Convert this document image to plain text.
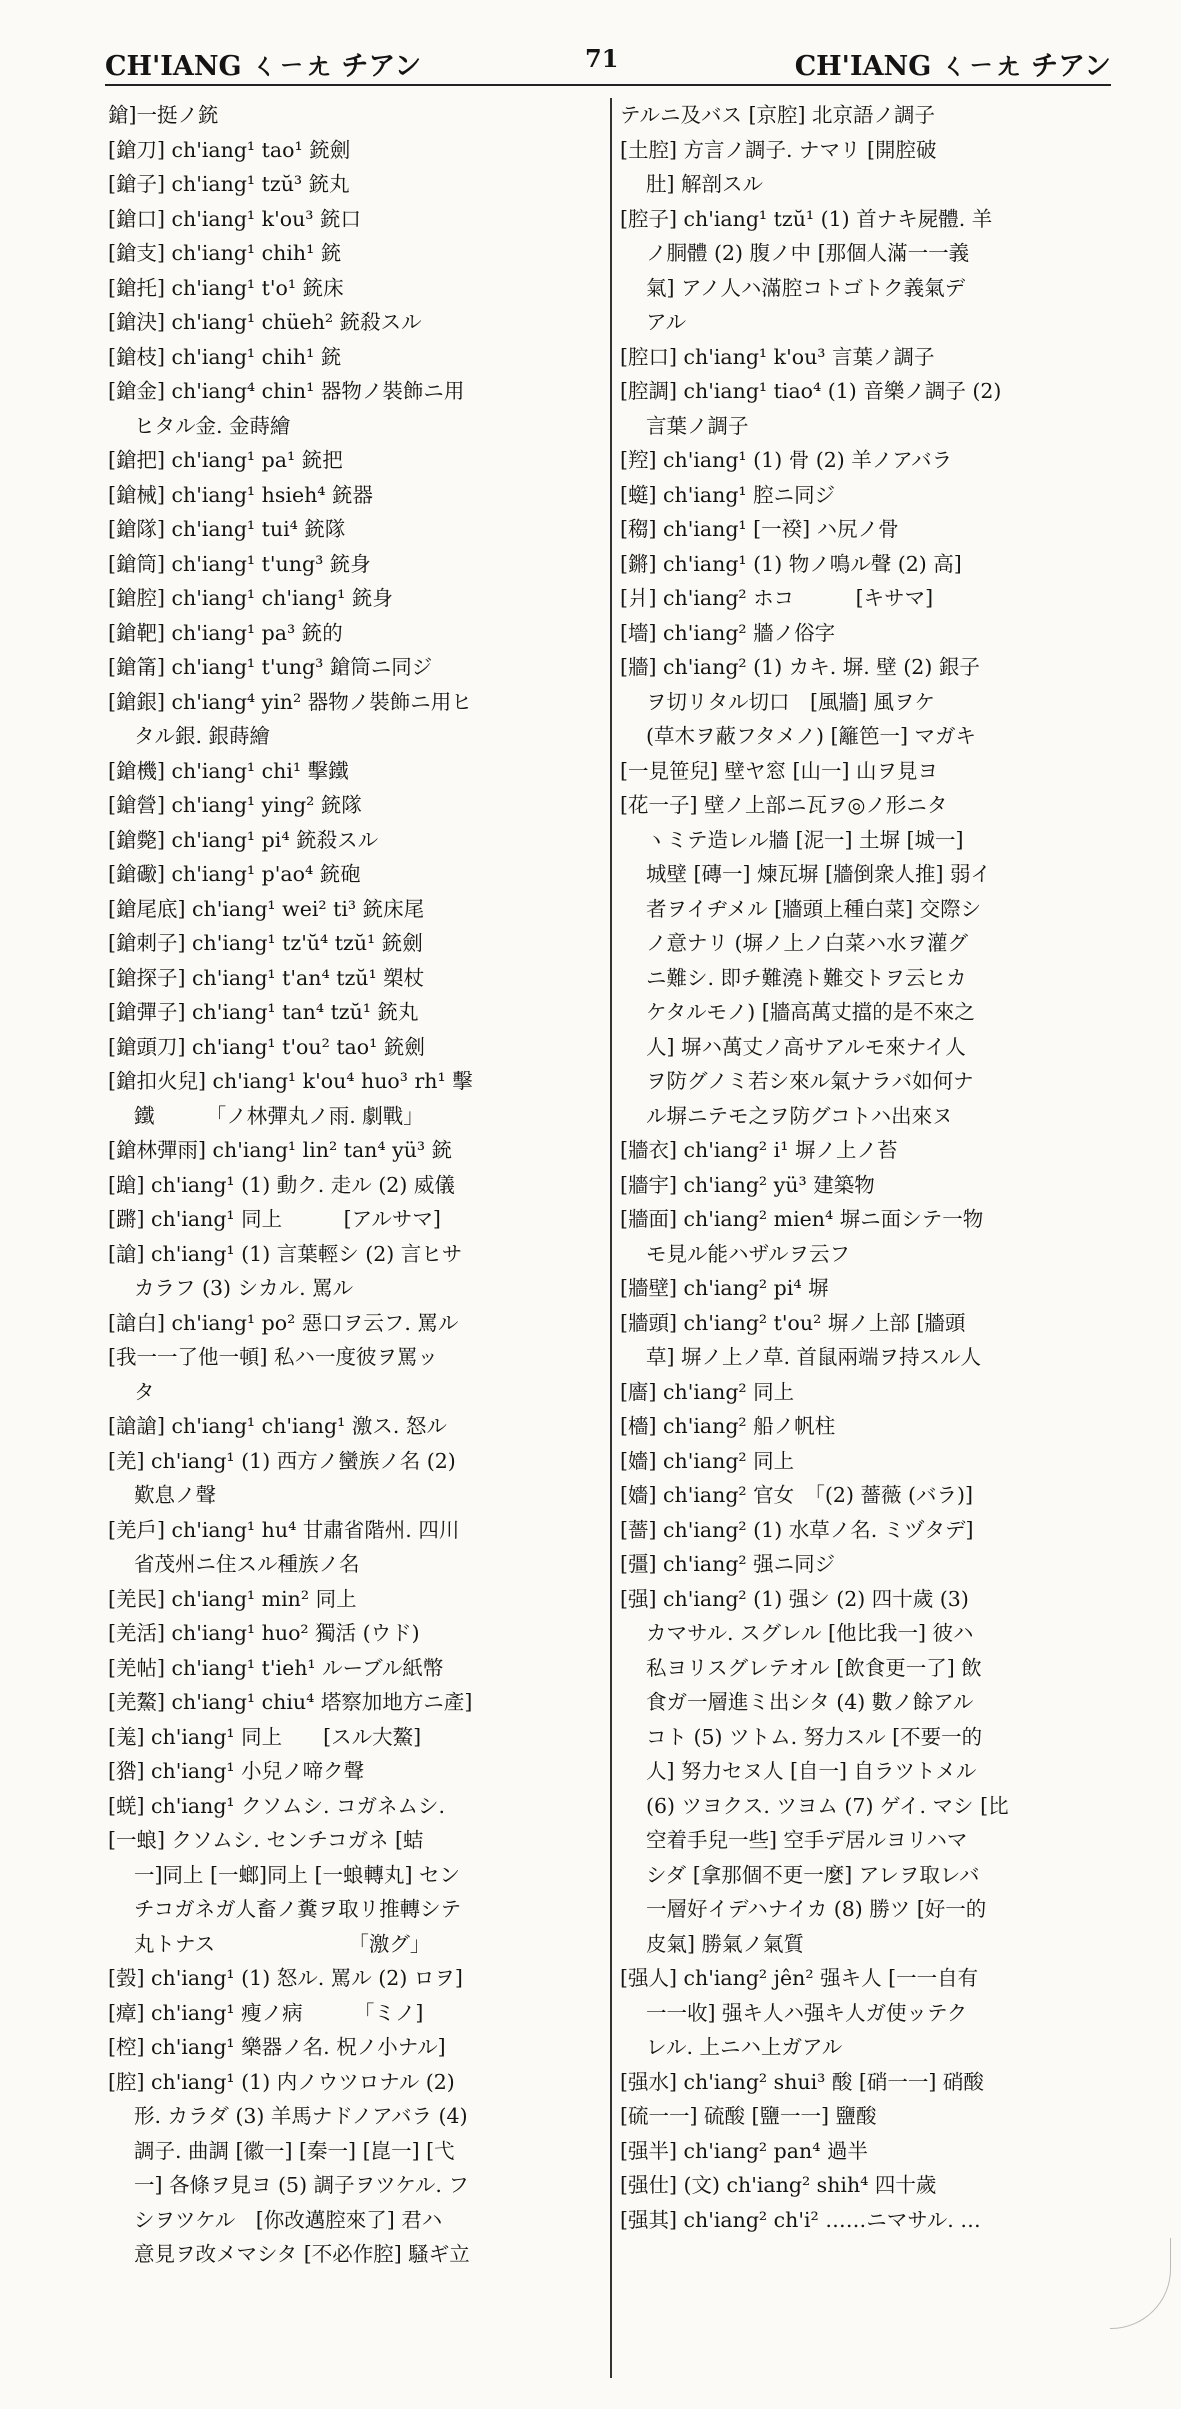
CH'IANG ㄑㄧㄤ チアン	71	CH'IANG ㄑㄧㄤ チアン
鎗]一挺ノ銃
[鎗刀] ch'iang¹ tao¹ 銃劍
[鎗子] ch'iang¹ tzŭ³ 銃丸
[鎗口] ch'iang¹ k'ou³ 銃口
[鎗支] ch'iang¹ chih¹ 銃
[鎗托] ch'iang¹ t'o¹ 銃床
[鎗決] ch'iang¹ chüeh² 銃殺スル
[鎗枝] ch'iang¹ chih¹ 銃
[鎗金] ch'iang⁴ chin¹ 器物ノ裝飾ニ用
ヒタル金. 金蒔繪
[鎗把] ch'iang¹ pa¹ 銃把
[鎗械] ch'iang¹ hsieh⁴ 銃器
[鎗隊] ch'iang¹ tui⁴ 銃隊
[鎗筒] ch'iang¹ t'ung³ 銃身
[鎗腔] ch'iang¹ ch'iang¹ 銃身
[鎗靶] ch'iang¹ pa³ 銃的
[鎗筩] ch'iang¹ t'ung³ 鎗筒ニ同ジ
[鎗銀] ch'iang⁴ yin² 器物ノ裝飾ニ用ヒ
タル銀. 銀蒔繪
[鎗機] ch'iang¹ chi¹ 擊鐵
[鎗營] ch'iang¹ ying² 銃隊
[鎗斃] ch'iang¹ pi⁴ 銃殺スル
[鎗礮] ch'iang¹ p'ao⁴ 銃砲
[鎗尾底] ch'iang¹ wei² ti³ 銃床尾
[鎗刺子] ch'iang¹ tz'ŭ⁴ tzŭ¹ 銃劍
[鎗探子] ch'iang¹ t'an⁴ tzŭ¹ 槊杖
[鎗彈子] ch'iang¹ tan⁴ tzŭ¹ 銃丸
[鎗頭刀] ch'iang¹ t'ou² tao¹ 銃劍
[鎗扣火兒] ch'iang¹ k'ou⁴ huo³ rh¹ 擊
鐵　　　「ノ林彈丸ノ雨. 劇戰」
[鎗林彈雨] ch'iang¹ lin² tan⁴ yü³ 銃
[蹌] ch'iang¹ (1) 動ク. 走ル (2) 威儀
[蹡] ch'iang¹ 同上　　　[アルサマ]
[謒] ch'iang¹ (1) 言葉輕シ (2) 言ヒサ
カラフ (3) シカル. 罵ル
[謒白] ch'iang¹ po² 惡口ヲ云フ. 罵ル
[我一一了他一頓] 私ハ一度彼ヲ罵ッ
タ
[謒謒] ch'iang¹ ch'iang¹ 激ス. 怒ル
[羌] ch'iang¹ (1) 西方ノ蠻族ノ名 (2)
歎息ノ聲
[羌戶] ch'iang¹ hu⁴ 甘肅省階州. 四川
省茂州ニ住スル種族ノ名
[羌民] ch'iang¹ min² 同上
[羌活] ch'iang¹ huo² 獨活 (ウド)
[羌帖] ch'iang¹ t'ieh¹ ルーブル紙幣
[羌鰲] ch'iang¹ chiu⁴ 塔察加地方ニ產]
[羗] ch'iang¹ 同上　　[スル大鰲]
[㹾] ch'iang¹ 小兒ノ啼ク聲
[蜣] ch'iang¹ クソムシ. コガネムシ.
[一蜋] クソムシ. センチコガネ [蛣
一]同上 [一螂]同上 [一蜋轉丸] セン
チコガネガ人畜ノ糞ヲ取リ推轉シテ
丸トナス　　　　　　　「激グ」
[㲄] ch'iang¹ (1) 怒ル. 罵ル (2) ロヲ]
[瘴] ch'iang¹ 瘦ノ病　　　「ミノ]
[椌] ch'iang¹ 樂器ノ名. 柷ノ小ナル]
[腔] ch'iang¹ (1) 内ノウツロナル (2)
形. カラダ (3) 羊馬ナドノアバラ (4)
調子. 曲調 [徽一] [秦一] [崑一] [弋
一] 各條ヲ見ヨ (5) 調子ヲツケル. フ
シヲツケル　[你改邁腔來了] 君ハ
意見ヲ改メマシタ [不必作腔] 騷ギ立
テルニ及バス [京腔] 北京語ノ調子
[土腔] 方言ノ調子. ナマリ [開腔破
肚] 解剖スル
[腔子] ch'iang¹ tzŭ¹ (1) 首ナキ屍體. 羊
ノ胴體 (2) 腹ノ中 [那個人滿一一義
氣] アノ人ハ滿腔コトゴトク義氣デ
アル
[腔口] ch'iang¹ k'ou³ 言葉ノ調子
[腔調] ch'iang¹ tiao⁴ (1) 音樂ノ調子 (2)
言葉ノ調子
[羫] ch'iang¹ (1) 骨 (2) 羊ノアバラ
[䗴] ch'iang¹ 腔ニ同ジ
[䅳] ch'iang¹ [一䙆] ハ尻ノ骨
[鏘] ch'iang¹ (1) 物ノ鳴ル聲 (2) 高]
[爿] ch'iang² ホコ　　　[キサマ]
[墻] ch'iang² 牆ノ俗字
[牆] ch'iang² (1) カキ. 塀. 壁 (2) 銀子
ヲ切リタル切口　[風牆] 風ヲケ
(草木ヲ蔽フタメノ) [籬笆一] マガキ
[一見笹兒] 壁ヤ窓 [山一] 山ヲ見ヨ
[花一子] 壁ノ上部ニ瓦ヲ◎ノ形ニタ
ヽミテ造レル牆 [泥一] 土塀 [城一]
城壁 [磚一] 煉瓦塀 [牆倒衆人推] 弱イ
者ヲイヂメル [牆頭上種白菜] 交際シ
ノ意ナリ (塀ノ上ノ白菜ハ水ヲ灌グ
ニ難シ. 即チ難澆ト難交トヲ云ヒカ
ケタルモノ) [牆高萬丈擋的是不來之
人] 塀ハ萬丈ノ高サアルモ來ナイ人
ヲ防グノミ若シ來ル氣ナラバ如何ナ
ル塀ニテモ之ヲ防グコトハ出來ヌ
[牆衣] ch'iang² i¹ 塀ノ上ノ苔
[牆宇] ch'iang² yü³ 建築物
[牆面] ch'iang² mien⁴ 塀ニ面シテ一物
モ見ル能ハザルヲ云フ
[牆壁] ch'iang² pi⁴ 塀
[牆頭] ch'iang² t'ou² 塀ノ上部 [牆頭
草] 塀ノ上ノ草. 首鼠兩端ヲ持スル人
[廧] ch'iang² 同上
[檣] ch'iang² 船ノ帆柱
[嬙] ch'iang² 同上
[嬙] ch'iang² 官女　「(2) 薔薇 (バラ)]
[薔] ch'iang² (1) 水草ノ名. ミヅタデ]
[彊] ch'iang² 强ニ同ジ
[强] ch'iang² (1) 强シ (2) 四十歲 (3)
カマサル. スグレル [他比我一] 彼ハ
私ヨリスグレテオル [飲食更一了] 飲
食ガ一層進ミ出シタ (4) 數ノ餘アル
コト (5) ツトム. 努力スル [不要一的
人] 努力セヌ人 [自一] 自ラツトメル
(6) ツヨクス. ツヨム (7) ゲイ. マシ [比
空着手兒一些] 空手デ居ルヨリハマ
シダ [拿那個不更一麼] アレヲ取レバ
一層好イデハナイカ (8) 勝ツ [好一的
皮氣] 勝氣ノ氣質
[强人] ch'iang² jên² 强キ人 [一一自有
一一收] 强キ人ハ强キ人ガ使ッテク
レル. 上ニハ上ガアル
[强水] ch'iang² shui³ 酸 [硝一一] 硝酸
[硫一一] 硫酸 [鹽一一] 鹽酸
[强半] ch'iang² pan⁴ 過半
[强仕] (文) ch'iang² shih⁴ 四十歲
[强其] ch'iang² ch'i² ……ニマサル. …
